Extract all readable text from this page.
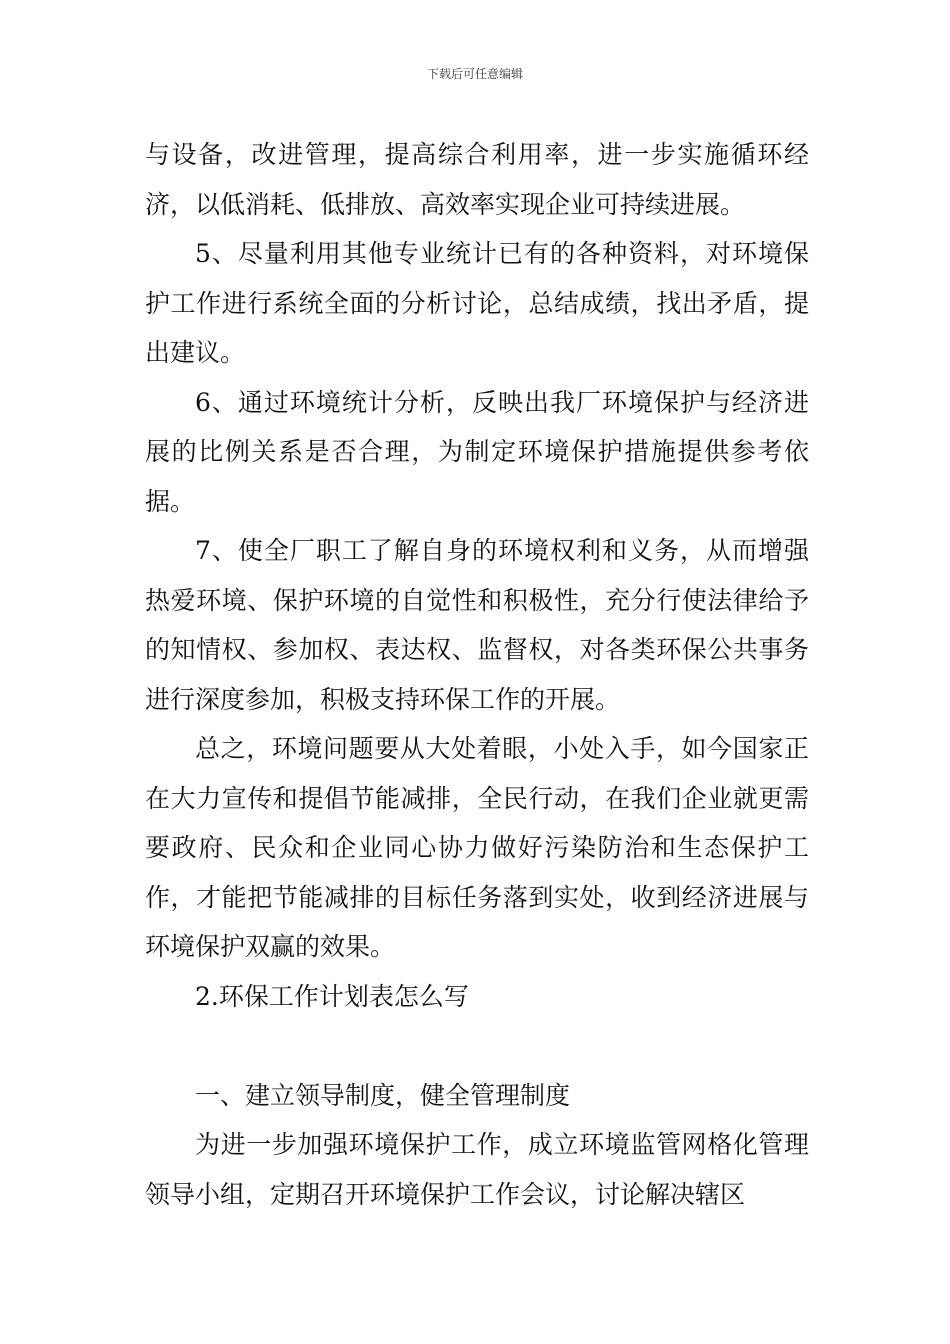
下载后可任意编辑

与设备，改进管理，提高综合利用率，进一步实施循环经济，以低消耗、低排放、高效率实现企业可持续进展。

5、尽量利用其他专业统计已有的各种资料，对环境保护工作进行系统全面的分析讨论，总结成绩，找出矛盾，提出建议。

6、通过环境统计分析，反映出我厂环境保护与经济进展的比例关系是否合理，为制定环境保护措施提供参考依据。

7、使全厂职工了解自身的环境权利和义务，从而增强热爱环境、保护环境的自觉性和积极性，充分行使法律给予的知情权、参加权、表达权、监督权，对各类环保公共事务进行深度参加，积极支持环保工作的开展。

总之，环境问题要从大处着眼，小处入手，如今国家正在大力宣传和提倡节能减排，全民行动，在我们企业就更需要政府、民众和企业同心协力做好污染防治和生态保护工作，才能把节能减排的目标任务落到实处，收到经济进展与环境保护双赢的效果。

2.环保工作计划表怎么写

一、建立领导制度，健全管理制度

为进一步加强环境保护工作，成立环境监管网格化管理领导小组，定期召开环境保护工作会议，讨论解决辖区
